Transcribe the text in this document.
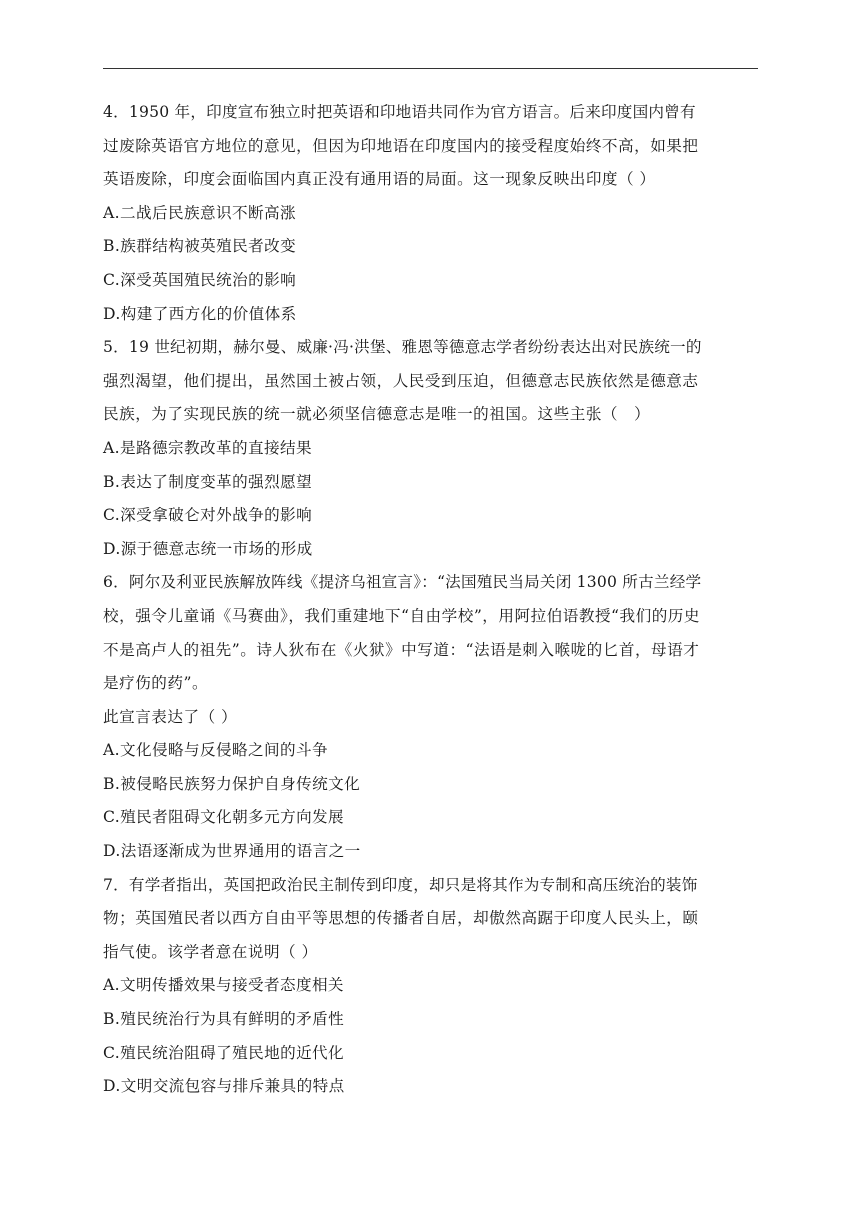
4．1950 年，印度宣布独立时把英语和印地语共同作为官方语言。后来印度国内曾有
过废除英语官方地位的意见，但因为印地语在印度国内的接受程度始终不高，如果把
英语废除，印度会面临国内真正没有通用语的局面。这一现象反映出印度（ ）
A.二战后民族意识不断高涨
B.族群结构被英殖民者改变
C.深受英国殖民统治的影响
D.构建了西方化的价值体系
5．19 世纪初期，赫尔曼、威廉·冯·洪堡、雅恩等德意志学者纷纷表达出对民族统一的
强烈渴望，他们提出，虽然国土被占领，人民受到压迫，但德意志民族依然是德意志
民族，为了实现民族的统一就必须坚信德意志是唯一的祖国。这些主张（　）
A.是路德宗教改革的直接结果
B.表达了制度变革的强烈愿望
C.深受拿破仑对外战争的影响
D.源于德意志统一市场的形成
6．阿尔及利亚民族解放阵线《提济乌祖宣言》：“法国殖民当局关闭 1300 所古兰经学
校，强令儿童诵《马赛曲》，我们重建地下“自由学校”，用阿拉伯语教授“我们的历史
不是高卢人的祖先”。诗人狄布在《火狱》中写道：“法语是刺入喉咙的匕首，母语才
是疗伤的药”。
此宣言表达了（ ）
A.文化侵略与反侵略之间的斗争
B.被侵略民族努力保护自身传统文化
C.殖民者阻碍文化朝多元方向发展
D.法语逐渐成为世界通用的语言之一
7．有学者指出，英国把政治民主制传到印度，却只是将其作为专制和高压统治的装饰
物；英国殖民者以西方自由平等思想的传播者自居，却傲然高踞于印度人民头上，颐
指气使。该学者意在说明（ ）
A.文明传播效果与接受者态度相关
B.殖民统治行为具有鲜明的矛盾性
C.殖民统治阻碍了殖民地的近代化
D.文明交流包容与排斥兼具的特点
